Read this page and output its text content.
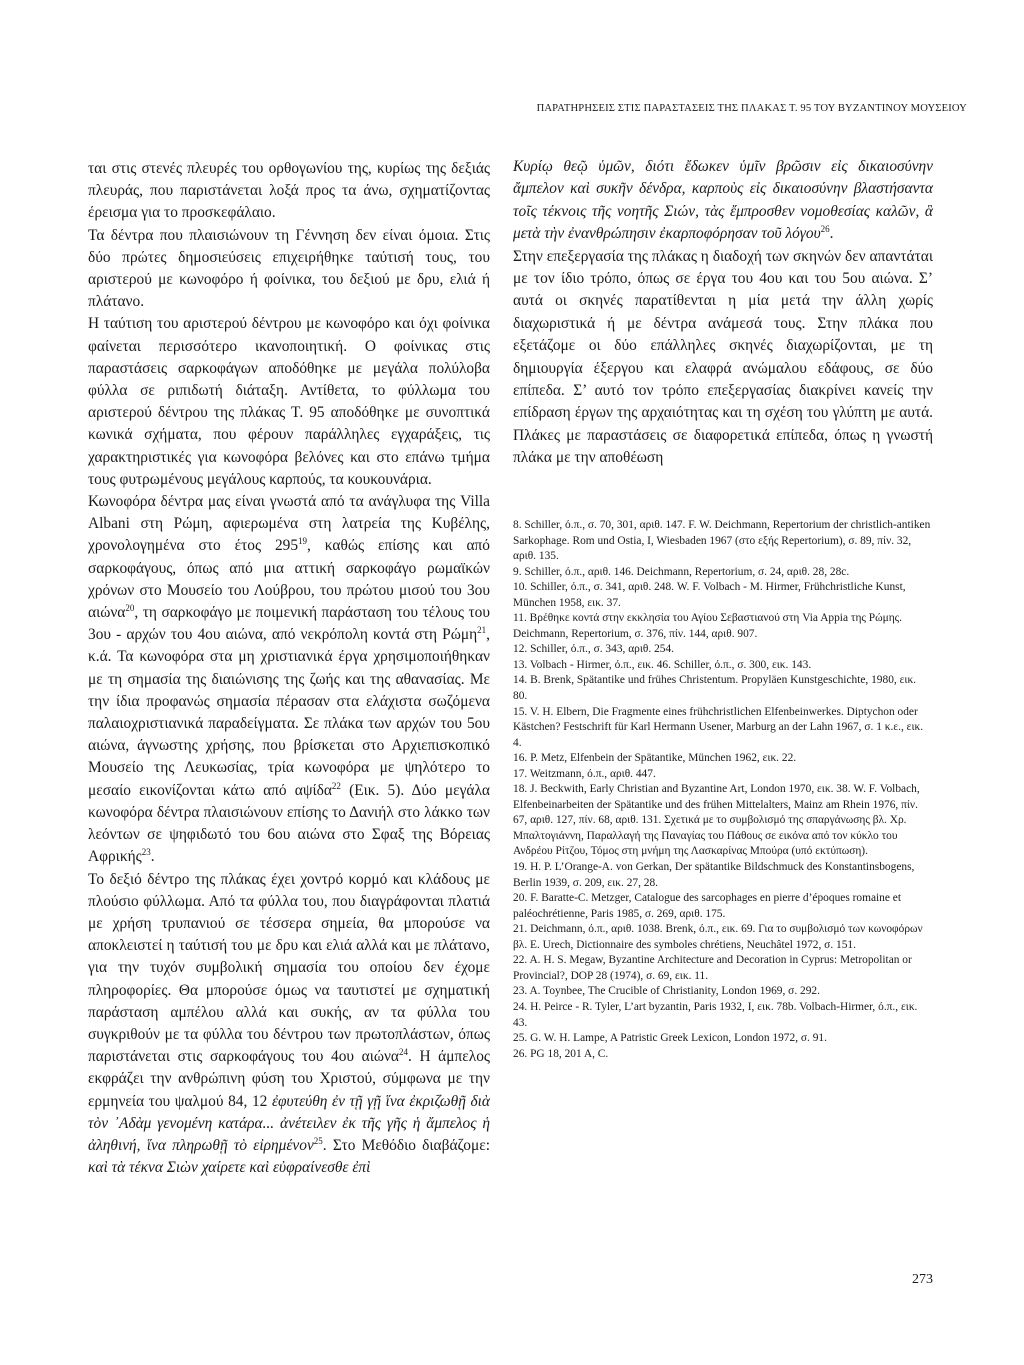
ΠΑΡΑΤΗΡΗΣΕΙΣ ΣΤΙΣ ΠΑΡΑΣΤΑΣΕΙΣ ΤΗΣ ΠΛΑΚΑΣ Τ. 95 ΤΟΥ ΒΥΖΑΝΤΙΝΟΥ ΜΟΥΣΕΙΟΥ

ται στις στενές πλευρές του ορθογωνίου της, κυρίως της δεξιάς πλευράς, που παριστάνεται λοξά προς τα άνω, σχηματίζοντας έρεισμα για το προσκεφάλαιο.

Τα δέντρα που πλαισιώνουν τη Γέννηση δεν είναι όμοια. Στις δύο πρώτες δημοσιεύσεις επιχειρήθηκε ταύτισή τους, του αριστερού με κωνοφόρο ή φοίνικα, του δεξιού με δρυ, ελιά ή πλάτανο.

Η ταύτιση του αριστερού δέντρου με κωνοφόρο και όχι φοίνικα φαίνεται περισσότερο ικανοποιητική. Ο φοίνικας στις παραστάσεις σαρκοφάγων αποδόθηκε με μεγάλα πολύλοβα φύλλα σε ριπιδωτή διάταξη. Αντίθετα, το φύλλωμα του αριστερού δέντρου της πλάκας Τ. 95 αποδόθηκε με συνοπτικά κωνικά σχήματα, που φέρουν παράλληλες εγχαράξεις, τις χαρακτηριστικές για κωνοφόρα βελόνες και στο επάνω τμήμα τους φυτρωμένους μεγάλους καρπούς, τα κουκουνάρια.

Κωνοφόρα δέντρα μας είναι γνωστά από τα ανάγλυφα της Villa Albani στη Ρώμη, αφιερωμένα στη λατρεία της Κυβέλης, χρονολογημένα στο έτος $295^{19}$, καθώς επίσης και από σαρκοφάγους, όπως από μια αττική σαρκοφάγο ρωμαϊκών χρόνων στο Μουσείο του Λούβρου, του πρώτου μισού του 3ου αιώνα$^{20}$, τη σαρκοφάγο με ποιμενική παράσταση του τέλους του 3ου - αρχών του 4ου αιώνα, από νεκρόπολη κοντά στη Ρώμη$^{21}$, κ.ά. Τα κωνοφόρα στα μη χριστιανικά έργα χρησιμοποιήθηκαν με τη σημασία της διαιώνισης της ζωής και της αθανασίας. Με την ίδια προφανώς σημασία πέρασαν στα ελάχιστα σωζόμενα παλαιοχριστιανικά παραδείγματα. Σε πλάκα των αρχών του 5ου αιώνα, άγνωστης χρήσης, που βρίσκεται στο Αρχιεπισκοπικό Μουσείο της Λευκωσίας, τρία κωνοφόρα με ψηλότερο το μεσαίο εικονίζονται κάτω από αψίδα$^{22}$ (Εικ. 5). Δύο μεγάλα κωνοφόρα δέντρα πλαισιώνουν επίσης το Δανιήλ στο λάκκο των λεόντων σε ψηφιδωτό του 6ου αιώνα στο Σφαξ της Βόρειας Αφρικής$^{23}$.

Το δεξιό δέντρο της πλάκας έχει χοντρό κορμό και κλάδους με πλούσιο φύλλωμα. Από τα φύλλα του, που διαγράφονται πλατιά με χρήση τρυπανιού σε τέσσερα σημεία, θα μπορούσε να αποκλειστεί η ταύτισή του με δρυ και ελιά αλλά και με πλάτανο, για την τυχόν συμβολική σημασία του οποίου δεν έχομε πληροφορίες. Θα μπορούσε όμως να ταυτιστεί με σχηματική παράσταση αμπέλου αλλά και συκής, αν τα φύλλα του συγκριθούν με τα φύλλα του δέντρου των πρωτοπλάστων, όπως παριστάνεται στις σαρκοφάγους του 4ου αιώνα$^{24}$. Η άμπελος εκφράζει την ανθρώπινη φύση του Χριστού, σύμφωνα με την ερμηνεία του ψαλμού 84, 12 ἐφυτεύθη ἐν τῇ γῇ ἵνα ἐκριζωθῇ διὰ τὸν ᾿Αδὰμ γενομένη κατάρα... ἀνέτειλεν ἐκ τῆς γῆς ἡ ἄμπελος ἡ ἀληθινή, ἵνα πληρωθῇ τὸ εἰρημένον$^{25}$. Στο Μεθόδιο διαβάζομε: καὶ τὰ τέκνα Σιὼν χαίρετε καὶ εὐφραίνεσθε ἐπὶ

Κυρίῳ θεῷ ὑμῶν, διότι ἔδωκεν ὑμῖν βρῶσιν εἰς δικαιοσύνην ἄμπελον καὶ συκῆν δένδρα, καρποὺς εἰς δικαιοσύνην βλαστήσαντα τοῖς τέκνοις τῆς νοητῆς Σιών, τὰς ἔμπροσθεν νομοθεσίας καλῶν, ἃ μετὰ τὴν ἐνανθρώπησιν ἐκαρποφόρησαν τοῦ λόγου$^{26}$.

Στην επεξεργασία της πλάκας η διαδοχή των σκηνών δεν απαντάται με τον ίδιο τρόπο, όπως σε έργα του 4ου και του 5ου αιώνα. Σ’ αυτά οι σκηνές παρατίθενται η μία μετά την άλλη χωρίς διαχωριστικά ή με δέντρα ανάμεσά τους. Στην πλάκα που εξετάζομε οι δύο επάλληλες σκηνές διαχωρίζονται, με τη δημιουργία έξεργου και ελαφρά ανώμαλου εδάφους, σε δύο επίπεδα. Σ’ αυτό τον τρόπο επεξεργασίας διακρίνει κανείς την επίδραση έργων της αρχαιότητας και τη σχέση του γλύπτη με αυτά. Πλάκες με παραστάσεις σε διαφορετικά επίπεδα, όπως η γνωστή πλάκα με την αποθέωση

8. Schiller, ό.π., σ. 70, 301, αριθ. 147. F. W. Deichmann, Repertorium der christlich-antiken Sarkophage. Rom und Ostia, I, Wiesbaden 1967 (στο εξής Repertorium), σ. 89, πίν. 32, αριθ. 135.

9. Schiller, ό.π., αριθ. 146. Deichmann, Repertorium, σ. 24, αριθ. 28, 28c.

10. Schiller, ό.π., σ. 341, αριθ. 248. W. F. Volbach - M. Hirmer, Frühchristliche Kunst, München 1958, εικ. 37.

11. Βρέθηκε κοντά στην εκκλησία του Αγίου Σεβαστιανού στη Via Appia της Ρώμης. Deichmann, Repertorium, σ. 376, πίν. 144, αριθ. 907.

12. Schiller, ό.π., σ. 343, αριθ. 254.

13. Volbach - Hirmer, ό.π., εικ. 46. Schiller, ό.π., σ. 300, εικ. 143.

14. B. Brenk, Spätantike und frühes Christentum. Propyläen Kunstgeschichte, 1980, εικ. 80.

15. V. H. Elbern, Die Fragmente eines frühchristlichen Elfenbeinwerkes. Diptychon oder Kästchen? Festschrift für Karl Hermann Usener, Marburg an der Lahn 1967, σ. 1 κ.ε., εικ. 4.

16. P. Metz, Elfenbein der Spätantike, München 1962, εικ. 22.

17. Weitzmann, ό.π., αριθ. 447.

18. J. Beckwith, Early Christian and Byzantine Art, London 1970, εικ. 38. W. F. Volbach, Elfenbeinarbeiten der Spätantike und des frühen Mittelalters, Mainz am Rhein 1976, πίν. 67, αριθ. 127, πίν. 68, αριθ. 131. Σχετικά με το συμβολισμό της σπαργάνωσης βλ. Χρ. Μπαλτογιάννη, Παραλλαγή της Παναγίας του Πάθους σε εικόνα από τον κύκλο του Ανδρέου Ρίτζου, Τόμος στη μνήμη της Λασκαρίνας Μπούρα (υπό εκτύπωση).

19. H. P. L’Orange-A. von Gerkan, Der spätantike Bildschmuck des Konstantinsbogens, Berlin 1939, σ. 209, εικ. 27, 28.

20. F. Baratte-C. Metzger, Catalogue des sarcophages en pierre d’époques romaine et paléochrétienne, Paris 1985, σ. 269, αριθ. 175.

21. Deichmann, ό.π., αριθ. 1038. Brenk, ό.π., εικ. 69. Για το συμβολισμό των κωνοφόρων βλ. E. Urech, Dictionnaire des symboles chrétiens, Neuchâtel 1972, σ. 151.

22. A. H. S. Megaw, Byzantine Architecture and Decoration in Cyprus: Metropolitan or Provincial?, DOP 28 (1974), σ. 69, εικ. 11.

23. A. Toynbee, The Crucible of Christianity, London 1969, σ. 292.

24. H. Peirce - R. Tyler, L’art byzantin, Paris 1932, I, εικ. 78b. Volbach-Hirmer, ό.π., εικ. 43.

25. G. W. H. Lampe, A Patristic Greek Lexicon, London 1972, σ. 91.

26. PG 18, 201 A, C.

273
